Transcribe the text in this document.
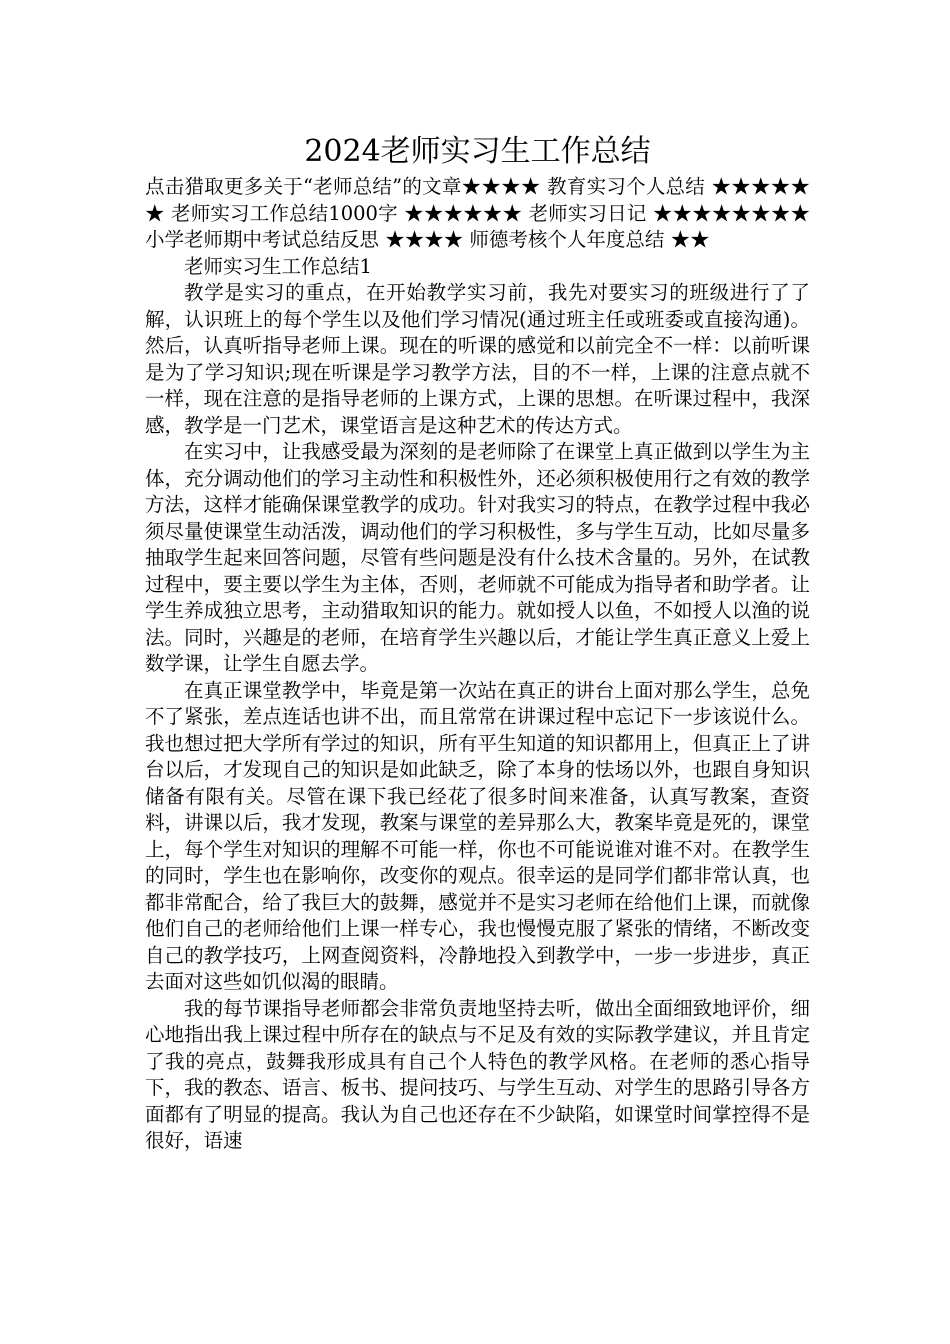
2024老师实习生工作总结

点击猎取更多关于“老师总结”的文章★★★★ 教育实习个人总结 ★★★★★★ 老师实习工作总结1000字 ★★★★★★ 老师实习日记 ★★★★★★★★ 小学老师期中考试总结反思 ★★★★ 师德考核个人年度总结 ★★

老师实习生工作总结1

教学是实习的重点，在开始教学实习前，我先对要实习的班级进行了了解，认识班上的每个学生以及他们学习情况(通过班主任或班委或直接沟通)。然后，认真听指导老师上课。现在的听课的感觉和以前完全不一样：以前听课是为了学习知识;现在听课是学习教学方法，目的不一样，上课的注意点就不一样，现在注意的是指导老师的上课方式，上课的思想。在听课过程中，我深感，教学是一门艺术，课堂语言是这种艺术的传达方式。

在实习中，让我感受最为深刻的是老师除了在课堂上真正做到以学生为主体，充分调动他们的学习主动性和积极性外，还必须积极使用行之有效的教学方法，这样才能确保课堂教学的成功。针对我实习的特点，在教学过程中我必须尽量使课堂生动活泼，调动他们的学习积极性，多与学生互动，比如尽量多抽取学生起来回答问题，尽管有些问题是没有什么技术含量的。另外，在试教过程中，要主要以学生为主体，否则，老师就不可能成为指导者和助学者。让学生养成独立思考，主动猎取知识的能力。就如授人以鱼，不如授人以渔的说法。同时，兴趣是的老师，在培育学生兴趣以后，才能让学生真正意义上爱上数学课，让学生自愿去学。

在真正课堂教学中，毕竟是第一次站在真正的讲台上面对那么学生，总免不了紧张，差点连话也讲不出，而且常常在讲课过程中忘记下一步该说什么。我也想过把大学所有学过的知识，所有平生知道的知识都用上，但真正上了讲台以后，才发现自己的知识是如此缺乏，除了本身的怯场以外，也跟自身知识储备有限有关。尽管在课下我已经花了很多时间来准备，认真写教案，查资料，讲课以后，我才发现，教案与课堂的差异那么大，教案毕竟是死的，课堂上，每个学生对知识的理解不可能一样，你也不可能说谁对谁不对。在教学生的同时，学生也在影响你，改变你的观点。很幸运的是同学们都非常认真，也都非常配合，给了我巨大的鼓舞，感觉并不是实习老师在给他们上课，而就像他们自己的老师给他们上课一样专心，我也慢慢克服了紧张的情绪，不断改变自己的教学技巧，上网查阅资料，冷静地投入到教学中，一步一步进步，真正去面对这些如饥似渴的眼睛。

我的每节课指导老师都会非常负责地坚持去听，做出全面细致地评价，细心地指出我上课过程中所存在的缺点与不足及有效的实际教学建议，并且肯定了我的亮点，鼓舞我形成具有自己个人特色的教学风格。在老师的悉心指导下，我的教态、语言、板书、提问技巧、与学生互动、对学生的思路引导各方面都有了明显的提高。我认为自己也还存在不少缺陷，如课堂时间掌控得不是很好，语速
